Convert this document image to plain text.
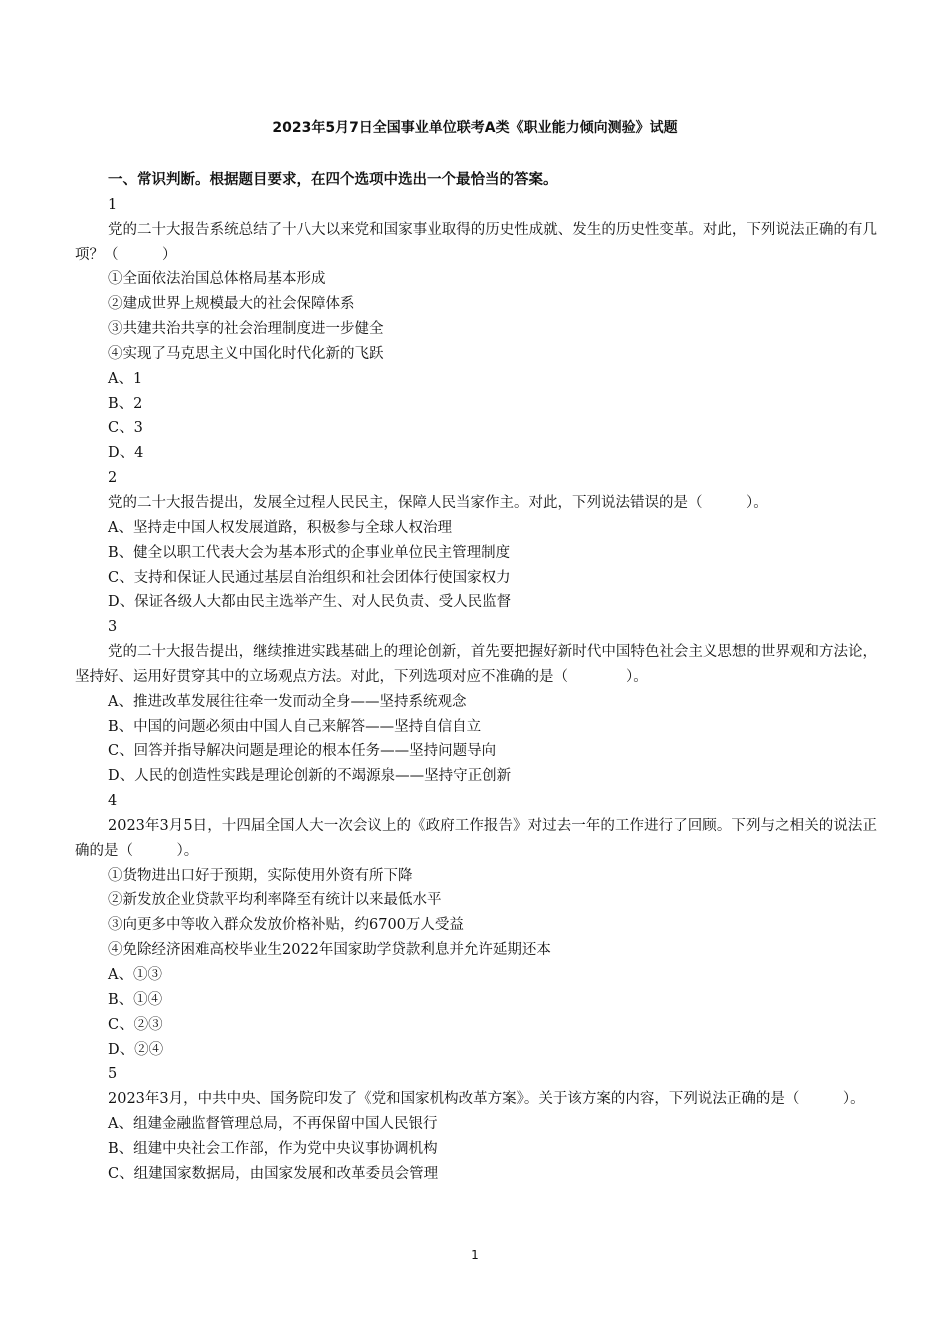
2023年5月7日全国事业单位联考A类《职业能力倾向测验》试题
一、常识判断。根据题目要求，在四个选项中选出一个最恰当的答案。
1
党的二十大报告系统总结了十八大以来党和国家事业取得的历史性成就、发生的历史性变革。对此，下列说法正确的有几项？（　　　）
①全面依法治国总体格局基本形成
②建成世界上规模最大的社会保障体系
③共建共治共享的社会治理制度进一步健全
④实现了马克思主义中国化时代化新的飞跃
A、1
B、2
C、3
D、4
2
党的二十大报告提出，发展全过程人民民主，保障人民当家作主。对此，下列说法错误的是（　　　）。
A、坚持走中国人权发展道路，积极参与全球人权治理
B、健全以职工代表大会为基本形式的企事业单位民主管理制度
C、支持和保证人民通过基层自治组织和社会团体行使国家权力
D、保证各级人大都由民主选举产生、对人民负责、受人民监督
3
党的二十大报告提出，继续推进实践基础上的理论创新，首先要把握好新时代中国特色社会主义思想的世界观和方法论，坚持好、运用好贯穿其中的立场观点方法。对此，下列选项对应不准确的是（　　　　）。
A、推进改革发展往往牵一发而动全身——坚持系统观念
B、中国的问题必须由中国人自己来解答——坚持自信自立
C、回答并指导解决问题是理论的根本任务——坚持问题导向
D、人民的创造性实践是理论创新的不竭源泉——坚持守正创新
4
2023年3月5日，十四届全国人大一次会议上的《政府工作报告》对过去一年的工作进行了回顾。下列与之相关的说法正确的是（　　　）。
①货物进出口好于预期，实际使用外资有所下降
②新发放企业贷款平均利率降至有统计以来最低水平
③向更多中等收入群众发放价格补贴，约6700万人受益
④免除经济困难高校毕业生2022年国家助学贷款利息并允许延期还本
A、①③
B、①④
C、②③
D、②④
5
2023年3月，中共中央、国务院印发了《党和国家机构改革方案》。关于该方案的内容，下列说法正确的是（　　　）。
A、组建金融监督管理总局，不再保留中国人民银行
B、组建中央社会工作部，作为党中央议事协调机构
C、组建国家数据局，由国家发展和改革委员会管理
1
